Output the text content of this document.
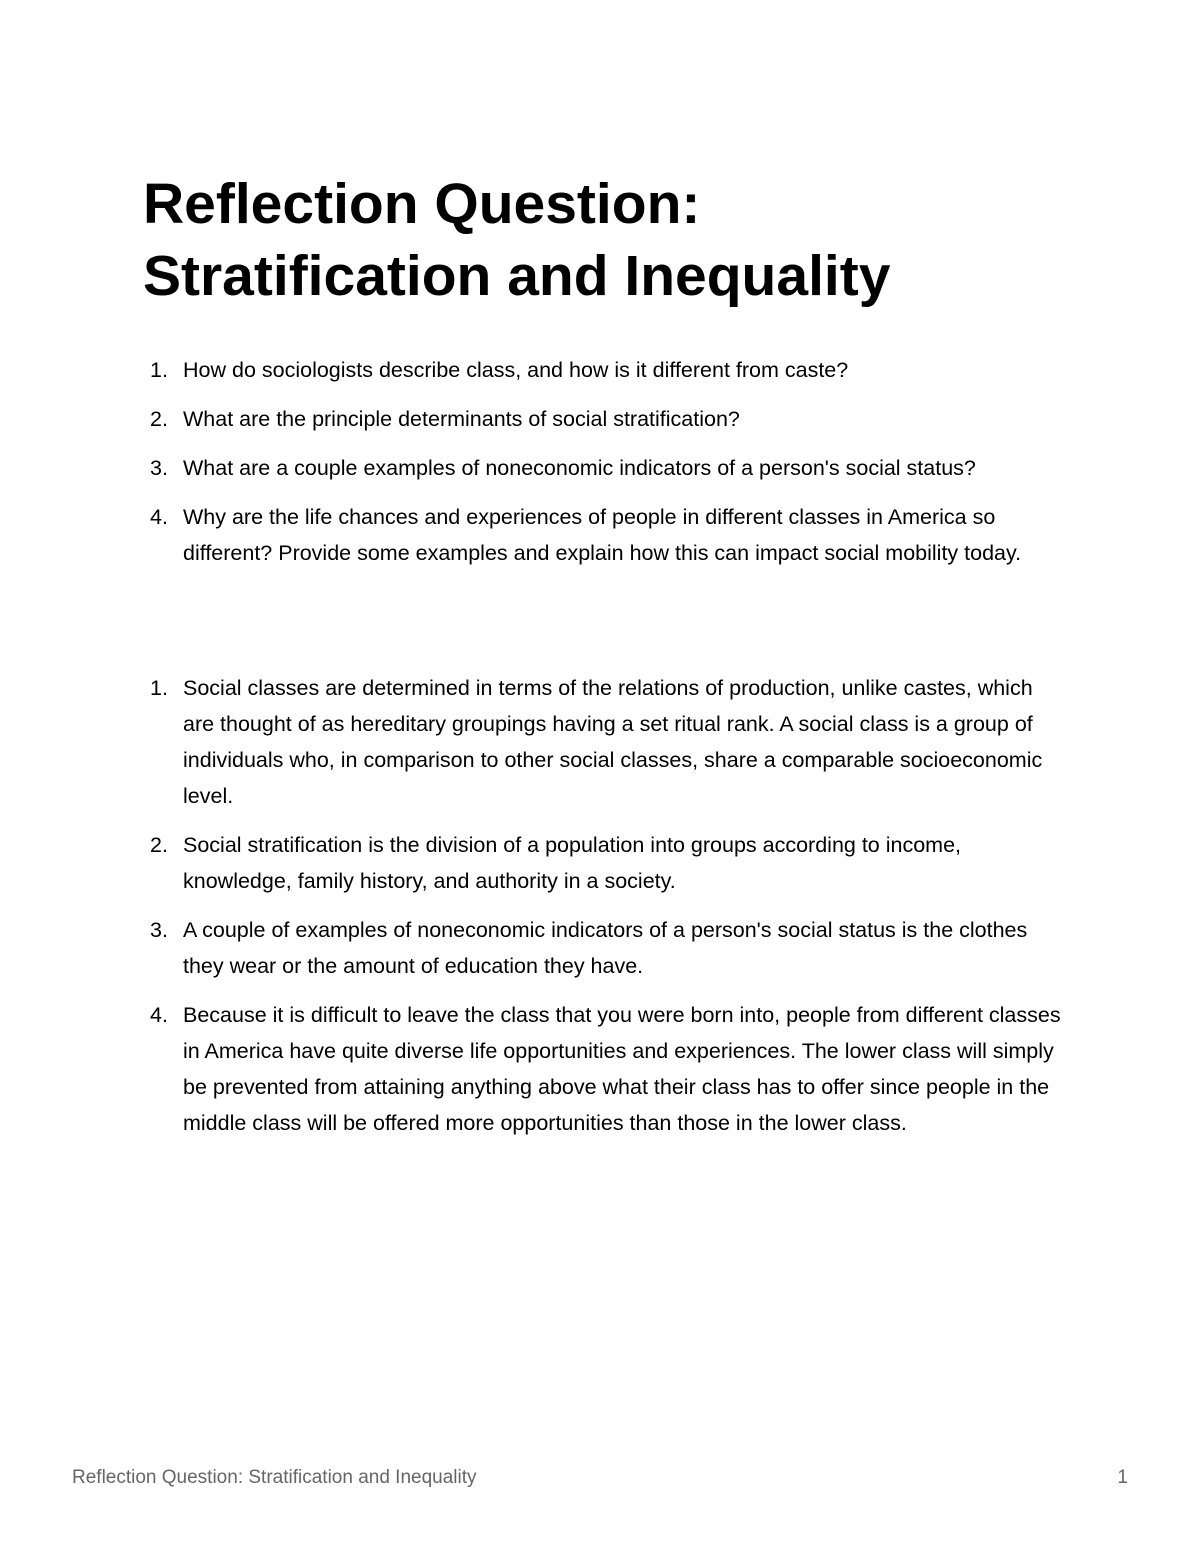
Reflection Question:
Stratification and Inequality
1. How do sociologists describe class, and how is it different from caste?
2. What are the principle determinants of social stratification?
3. What are a couple examples of noneconomic indicators of a person's social status?
4. Why are the life chances and experiences of people in different classes in America so different? Provide some examples and explain how this can impact social mobility today.
1. Social classes are determined in terms of the relations of production, unlike castes, which are thought of as hereditary groupings having a set ritual rank. A social class is a group of individuals who, in comparison to other social classes, share a comparable socioeconomic level.
2. Social stratification is the division of a population into groups according to income, knowledge, family history, and authority in a society.
3. A couple of examples of noneconomic indicators of a person's social status is the clothes they wear or the amount of education they have.
4. Because it is difficult to leave the class that you were born into, people from different classes in America have quite diverse life opportunities and experiences. The lower class will simply be prevented from attaining anything above what their class has to offer since people in the middle class will be offered more opportunities than those in the lower class.
Reflection Question: Stratification and Inequality	1
